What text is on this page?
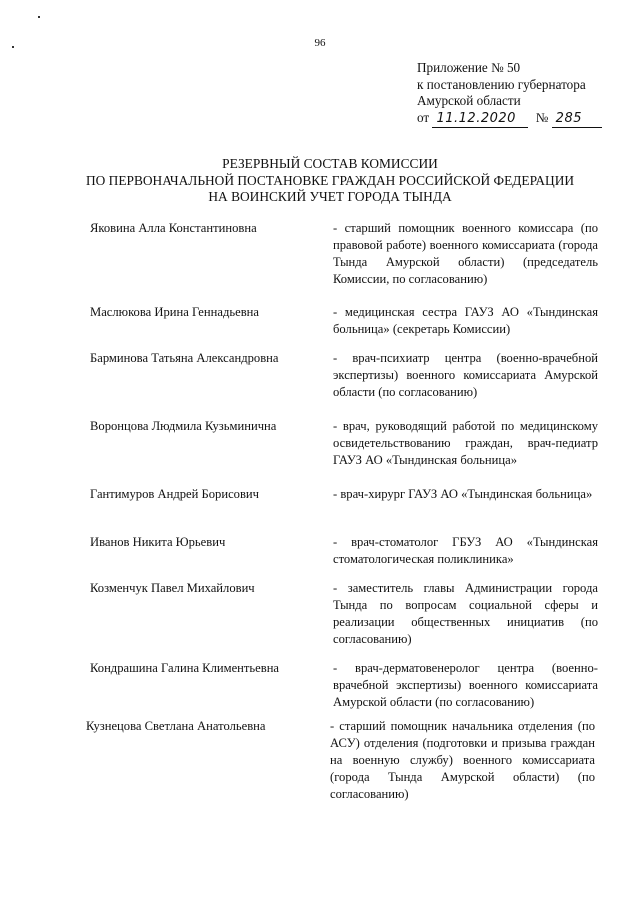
96
Приложение № 50
к постановлению губернатора
Амурской области
от 11.12.2020 № 285
РЕЗЕРВНЫЙ СОСТАВ КОМИССИИ
ПО ПЕРВОНАЧАЛЬНОЙ ПОСТАНОВКЕ ГРАЖДАН РОССИЙСКОЙ ФЕДЕРАЦИИ
НА ВОИНСКИЙ УЧЕТ ГОРОДА ТЫНДА
Яковина Алла Константиновна	- старший помощник военного комиссара (по правовой работе) военного комиссариата (города Тында Амурской области) (председатель Комиссии, по согласованию)
Маслюкова Ирина Геннадьевна	- медицинская сестра ГАУЗ АО «Тындинская больница» (секретарь Комиссии)
Барминова Татьяна Александровна	- врач-психиатр центра (военно-врачебной экспертизы) военного комиссариата Амурской области (по согласованию)
Воронцова Людмила Кузьминична	- врач, руководящий работой по медицинскому освидетельствованию граждан, врач-педиатр ГАУЗ АО «Тындинская больница»
Гантимуров Андрей Борисович	- врач-хирург ГАУЗ АО «Тындинская больница»
Иванов Никита Юрьевич	- врач-стоматолог ГБУЗ АО «Тындинская стоматологическая поликлиника»
Козменчук Павел Михайлович	- заместитель главы Администрации города Тында по вопросам социальной сферы и реализации общественных инициатив (по согласованию)
Кондрашина Галина Климентьевна	- врач-дерматовенеролог центра (военно-врачебной экспертизы) военного комиссариата Амурской области (по согласованию)
Кузнецова Светлана Анатольевна	- старший помощник начальника отделения (по АСУ) отделения (подготовки и призыва граждан на военную службу) военного комиссариата (города Тында Амурской области) (по согласованию)
